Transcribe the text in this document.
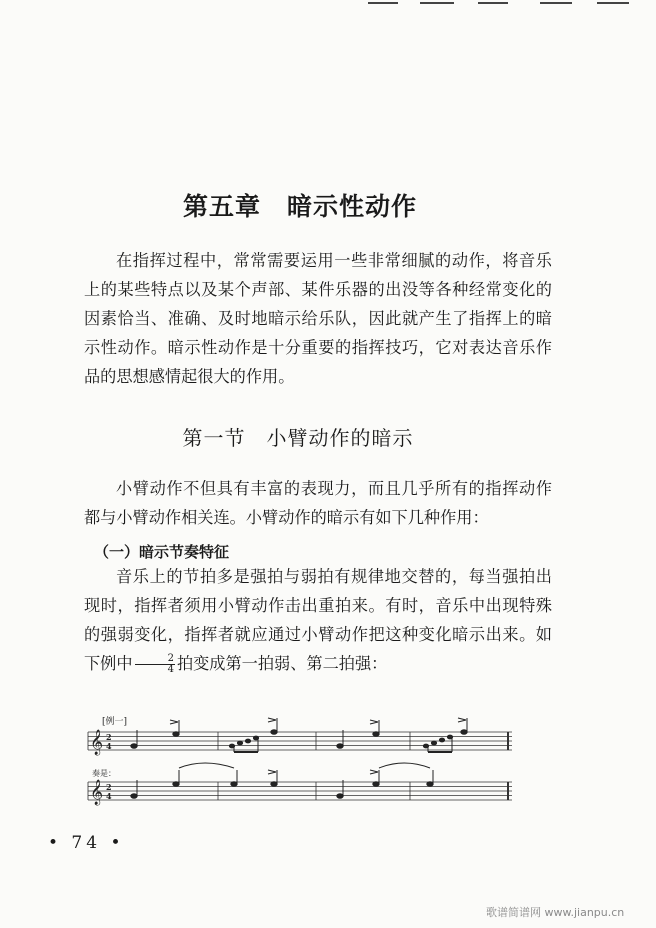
第五章　暗示性动作

在指挥过程中，常常需要运用一些非常细腻的动作，将音乐上的某些特点以及某个声部、某件乐器的出没等各种经常变化的因素恰当、准确、及时地暗示给乐队，因此就产生了指挥上的暗示性动作。暗示性动作是十分重要的指挥技巧，它对表达音乐作品的思想感情起很大的作用。

第一节　小臂动作的暗示

小臂动作不但具有丰富的表现力，而且几乎所有的指挥动作都与小臂动作相关连。小臂动作的暗示有如下几种作用：

（一）暗示节奏特征

音乐上的节拍多是强拍与弱拍有规律地交替的，每当强拍出现时，指挥者须用小臂动作击出重拍来。有时，音乐中出现特殊的强弱变化，指挥者就应通过小臂动作把这种变化暗示出来。如下例中 $\frac{2}{4}$ 拍变成第一拍弱、第二拍强：

[例一]
𝄞 2
4
奏是：
𝄞 2
4
• 74 •
歌谱简谱网 www.jianpu.cn
